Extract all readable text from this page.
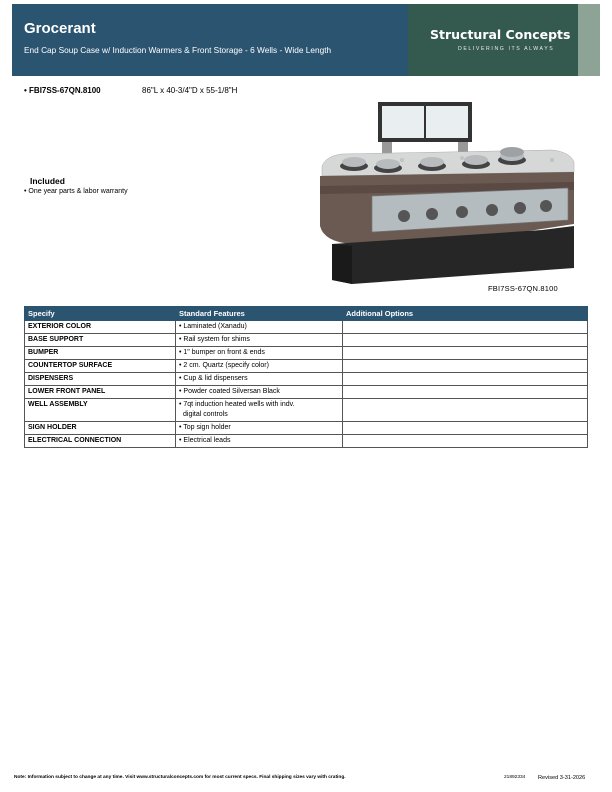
Grocerant
End Cap Soup Case w/ Induction Warmers & Front Storage - 6 Wells - Wide Length
Structural Concepts
DELIVERING ITS ALWAYS
• FBI7SS-67QN.8100	86"L x 40-3/4"D x 55-1/8"H
Included
• One year parts & labor warranty
FBI7SS-67QN.8100
Specify	Standard Features	Additional Options
EXTERIOR COLOR	• Laminated (Xanadu)	
BASE SUPPORT	• Rail system for shims	
BUMPER	• 1" bumper on front & ends	
COUNTERTOP SURFACE	• 2 cm. Quartz (specify color)	
DISPENSERS	• Cup & lid dispensers	
LOWER FRONT PANEL	• Powder coated Silversan Black	
WELL ASSEMBLY	• 7qt induction heated wells with indv.
digital controls	
SIGN HOLDER	• Top sign holder	
ELECTRICAL CONNECTION	• Electrical leads	
Note: Information subject to change at any time. Visit www.structuralconcepts.com for most current specs. Final shipping sizes vary with crating.	21892334 Revised 3-31-2026
